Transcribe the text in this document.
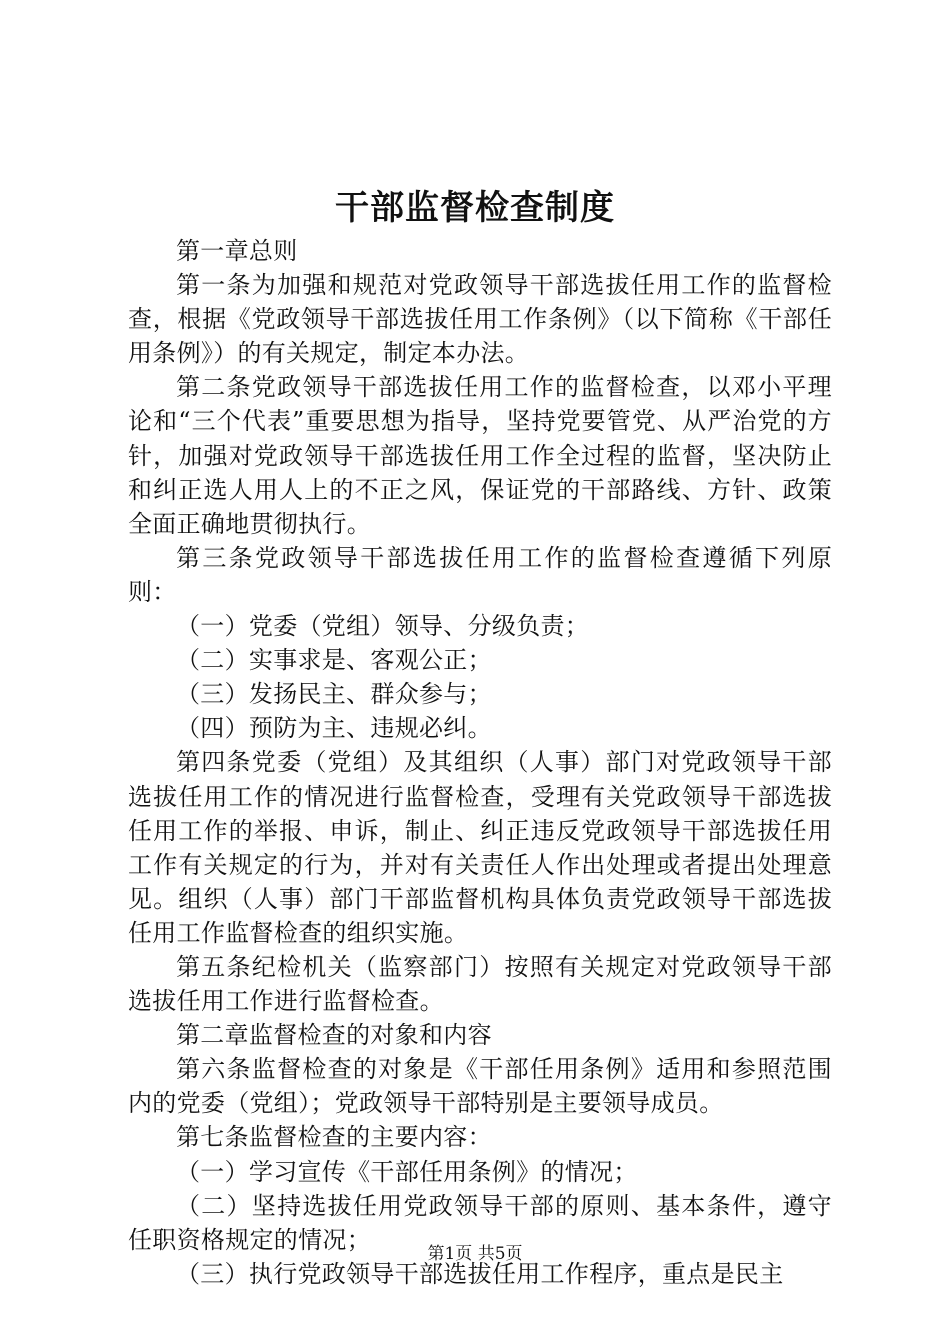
干部监督检查制度

第一章总则

第一条为加强和规范对党政领导干部选拔任用工作的监督检查，根据《党政领导干部选拔任用工作条例》（以下简称《干部任用条例》）的有关规定，制定本办法。

第二条党政领导干部选拔任用工作的监督检查，以邓小平理论和“三个代表”重要思想为指导，坚持党要管党、从严治党的方针，加强对党政领导干部选拔任用工作全过程的监督，坚决防止和纠正选人用人上的不正之风，保证党的干部路线、方针、政策全面正确地贯彻执行。

第三条党政领导干部选拔任用工作的监督检查遵循下列原则：

（一）党委（党组）领导、分级负责；

（二）实事求是、客观公正；

（三）发扬民主、群众参与；

（四）预防为主、违规必纠。

第四条党委（党组）及其组织（人事）部门对党政领导干部选拔任用工作的情况进行监督检查，受理有关党政领导干部选拔任用工作的举报、申诉，制止、纠正违反党政领导干部选拔任用工作有关规定的行为，并对有关责任人作出处理或者提出处理意见。组织（人事）部门干部监督机构具体负责党政领导干部选拔任用工作监督检查的组织实施。

第五条纪检机关（监察部门）按照有关规定对党政领导干部选拔任用工作进行监督检查。

第二章监督检查的对象和内容

第六条监督检查的对象是《干部任用条例》适用和参照范围内的党委（党组）；党政领导干部特别是主要领导成员。

第七条监督检查的主要内容：

（一）学习宣传《干部任用条例》的情况；

（二）坚持选拔任用党政领导干部的原则、基本条件，遵守任职资格规定的情况；

（三）执行党政领导干部选拔任用工作程序，重点是民主

第1页 共5页
